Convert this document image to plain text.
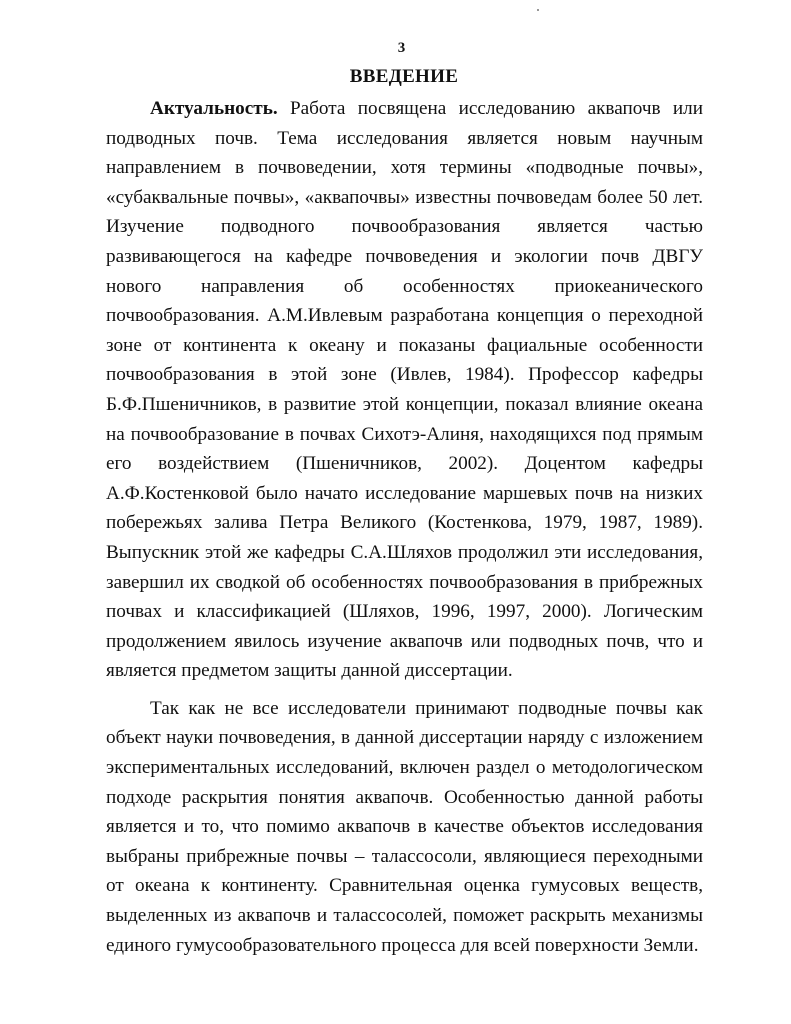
3
ВВЕДЕНИЕ

Актуальность. Работа посвящена исследованию аквапочв или подводных почв. Тема исследования является новым научным направлением в почвоведении, хотя термины «подводные почвы», «субаквальные почвы», «аквапочвы» известны почвоведам более 50 лет. Изучение подводного почвообразования является частью развивающегося на кафедре почвоведения и экологии почв ДВГУ нового направления об особенностях приокеанического почвообразования. А.М.Ивлевым разработана концепция о переходной зоне от континента к океану и показаны фациальные особенности почвообразования в этой зоне (Ивлев, 1984). Профессор кафедры Б.Ф.Пшеничников, в развитие этой концепции, показал влияние океана на почвообразование в почвах Сихотэ-Алиня, находящихся под прямым его воздействием (Пшеничников, 2002). Доцентом кафедры А.Ф.Костенковой было начато исследование маршевых почв на низких побережьях залива Петра Великого (Костенкова, 1979, 1987, 1989). Выпускник этой же кафедры С.А.Шляхов продолжил эти исследования, завершил их сводкой об особенностях почвообразования в прибрежных почвах и классификацией (Шляхов, 1996, 1997, 2000). Логическим продолжением явилось изучение аквапочв или подводных почв, что и является предметом защиты данной диссертации.

Так как не все исследователи принимают подводные почвы как объект науки почвоведения, в данной диссертации наряду с изложением экспериментальных исследований, включен раздел о методологическом подходе раскрытия понятия аквапочв. Особенностью данной работы является и то, что помимо аквапочв в качестве объектов исследования выбраны прибрежные почвы – талассосоли, являющиеся переходными от океана к континенту. Сравнительная оценка гумусовых веществ, выделенных из аквапочв и талассосолей, поможет раскрыть механизмы единого гумусообразовательного процесса для всей поверхности Земли.
